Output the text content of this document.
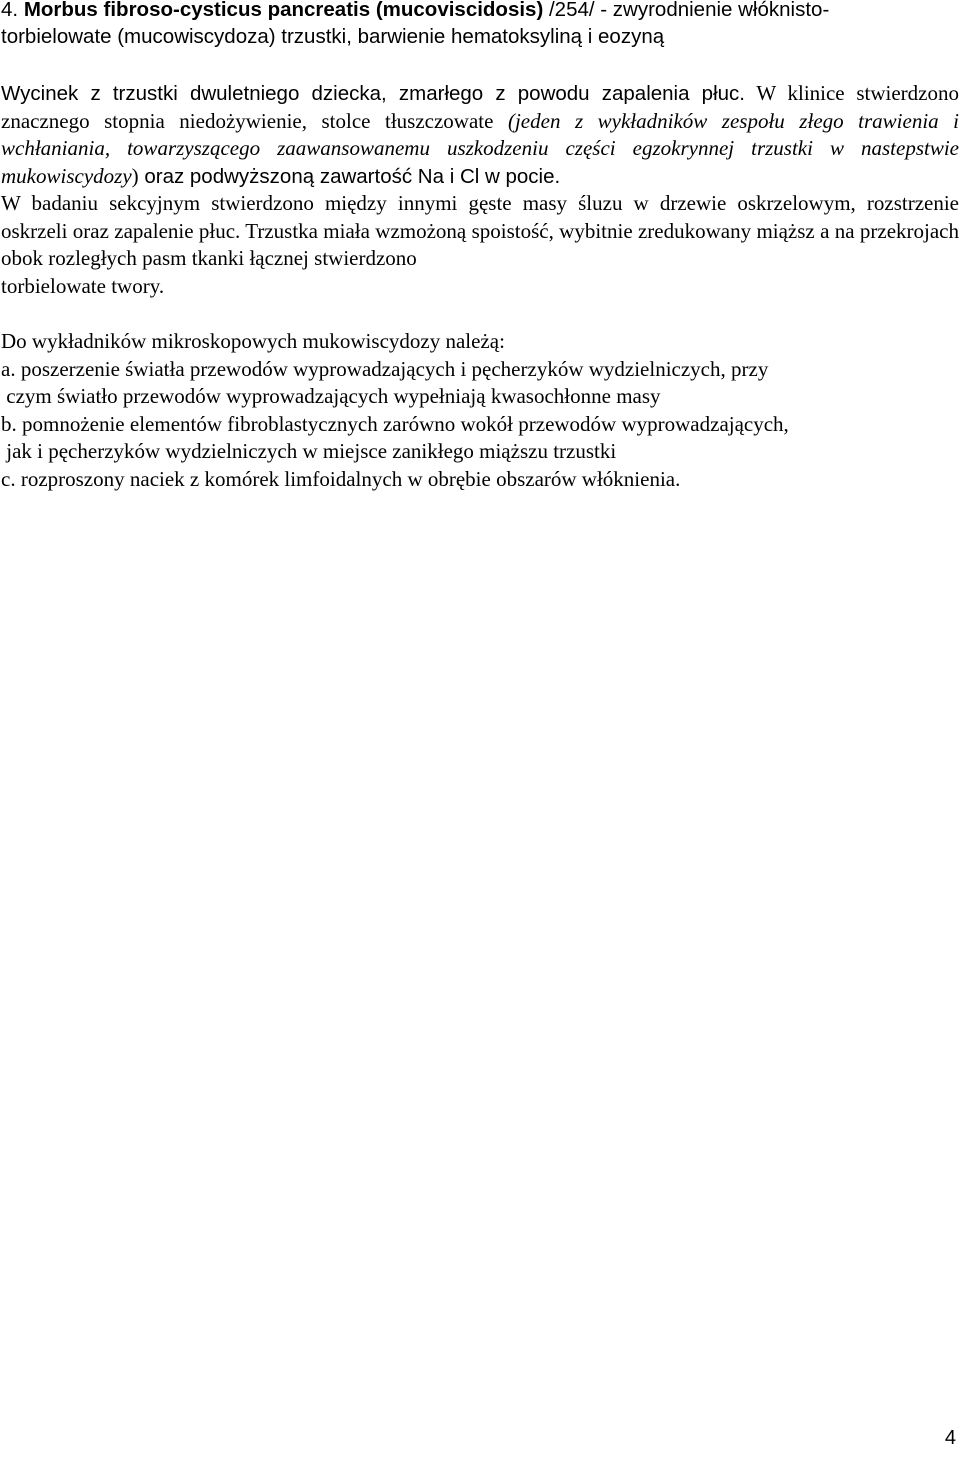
4. Morbus fibroso-cysticus pancreatis (mucoviscidosis) /254/ - zwyrodnienie włóknisto-
torbielowate (mucowiscydoza) trzustki, barwienie hematoksyliną i eozyną

Wycinek z trzustki dwuletniego dziecka, zmarłego z powodu zapalenia płuc. W klinice stwierdzono znacznego stopnia niedożywienie, stolce tłuszczowate (jeden z wykładników zespołu złego trawienia i wchłaniania, towarzyszącego zaawansowanemu uszkodzeniu części egzokrynnej trzustki w nastepstwie mukowiscydozy) oraz podwyższoną zawartość Na i Cl w pocie.

W badaniu sekcyjnym stwierdzono między innymi gęste masy śluzu w drzewie oskrzelowym, rozstrzenie oskrzeli oraz zapalenie płuc. Trzustka miała wzmożoną spoistość, wybitnie zredukowany miąższ a na przekrojach obok rozległych pasm tkanki łącznej stwierdzono
torbielowate twory.

Do wykładników mikroskopowych mukowiscydozy należą:
a. poszerzenie światła przewodów wyprowadzających i pęcherzyków wydzielniczych, przy
czym światło przewodów wyprowadzających wypełniają kwasochłonne masy
b. pomnożenie elementów fibroblastycznych zarówno wokół przewodów wyprowadzających,
jak i pęcherzyków wydzielniczych w miejsce zanikłego miąższu trzustki
c. rozproszony naciek z komórek limfoidalnych w obrębie obszarów włóknienia.
4
